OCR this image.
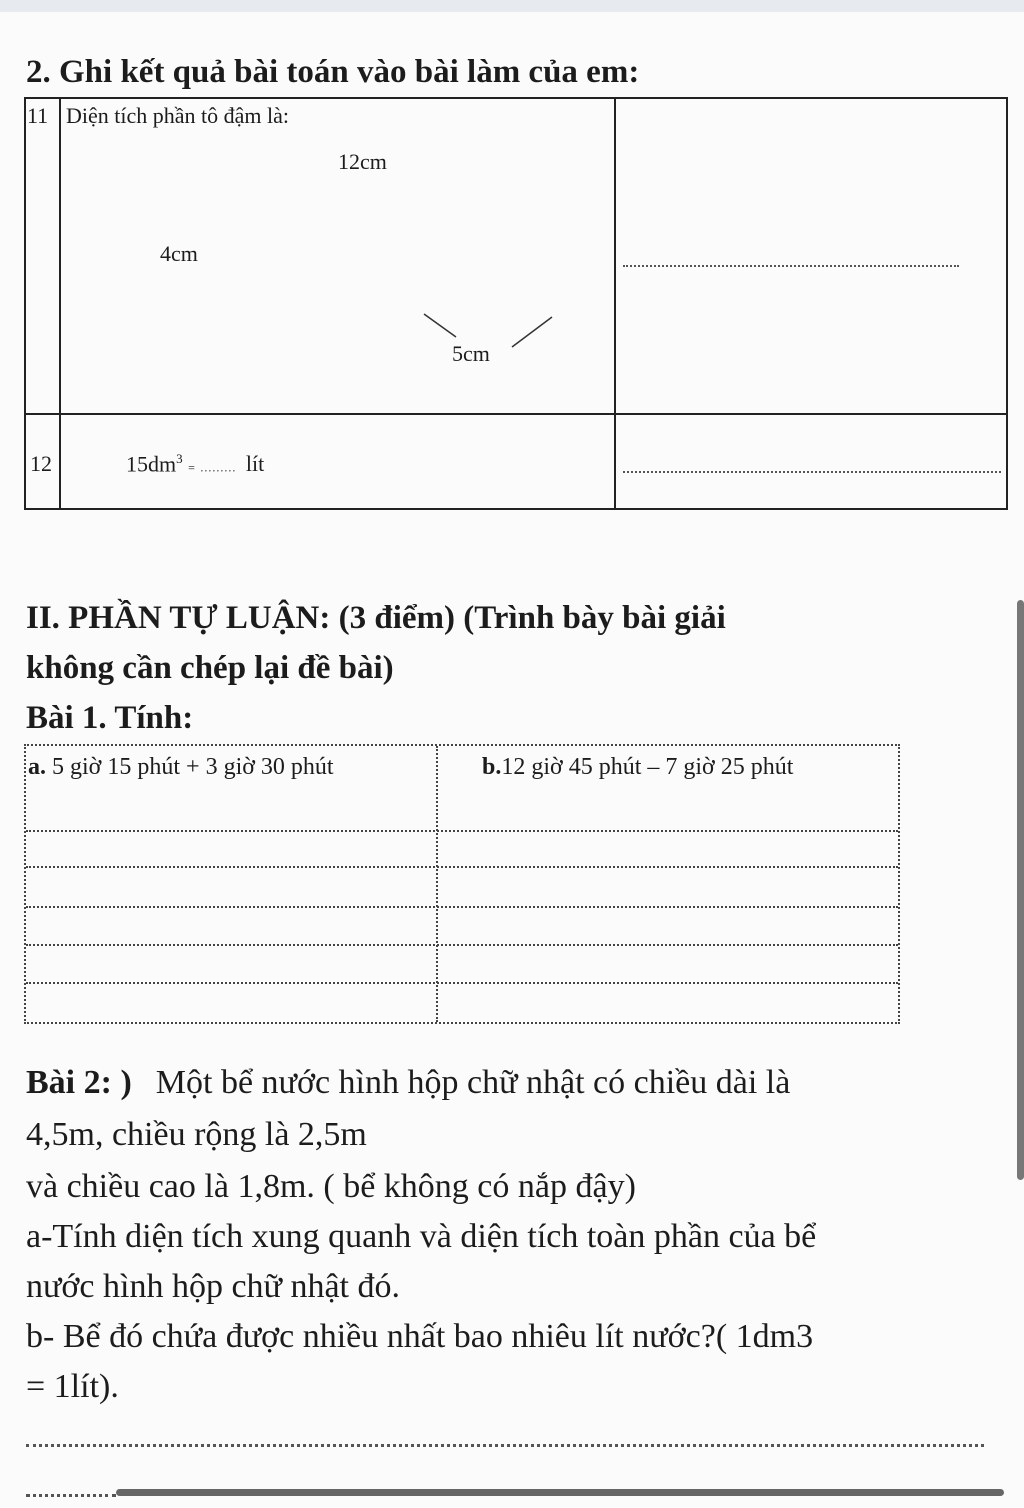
2. Ghi kết quả bài toán vào bài làm của em:
11 Diện tích phần tô đậm là:
12cm
4cm
5cm
12	$15dm^3$ = ......... lít
II. PHẦN TỰ LUẬN: (3 điểm) (Trình bày bài giải
không cần chép lại đề bài)
Bài 1. Tính:
a. 5 giờ 15 phút + 3 giờ 30 phút	b.12 giờ 45 phút – 7 giờ 25 phút
Bài 2: ) Một bể nước hình hộp chữ nhật có chiều dài là
4,5m, chiều rộng là 2,5m
và chiều cao là 1,8m. ( bể không có nắp đậy)
a-Tính diện tích xung quanh và diện tích toàn phần của bể
nước hình hộp chữ nhật đó.
b- Bể đó chứa được nhiều nhất bao nhiêu lít nước?( 1dm3
= 1lít).
